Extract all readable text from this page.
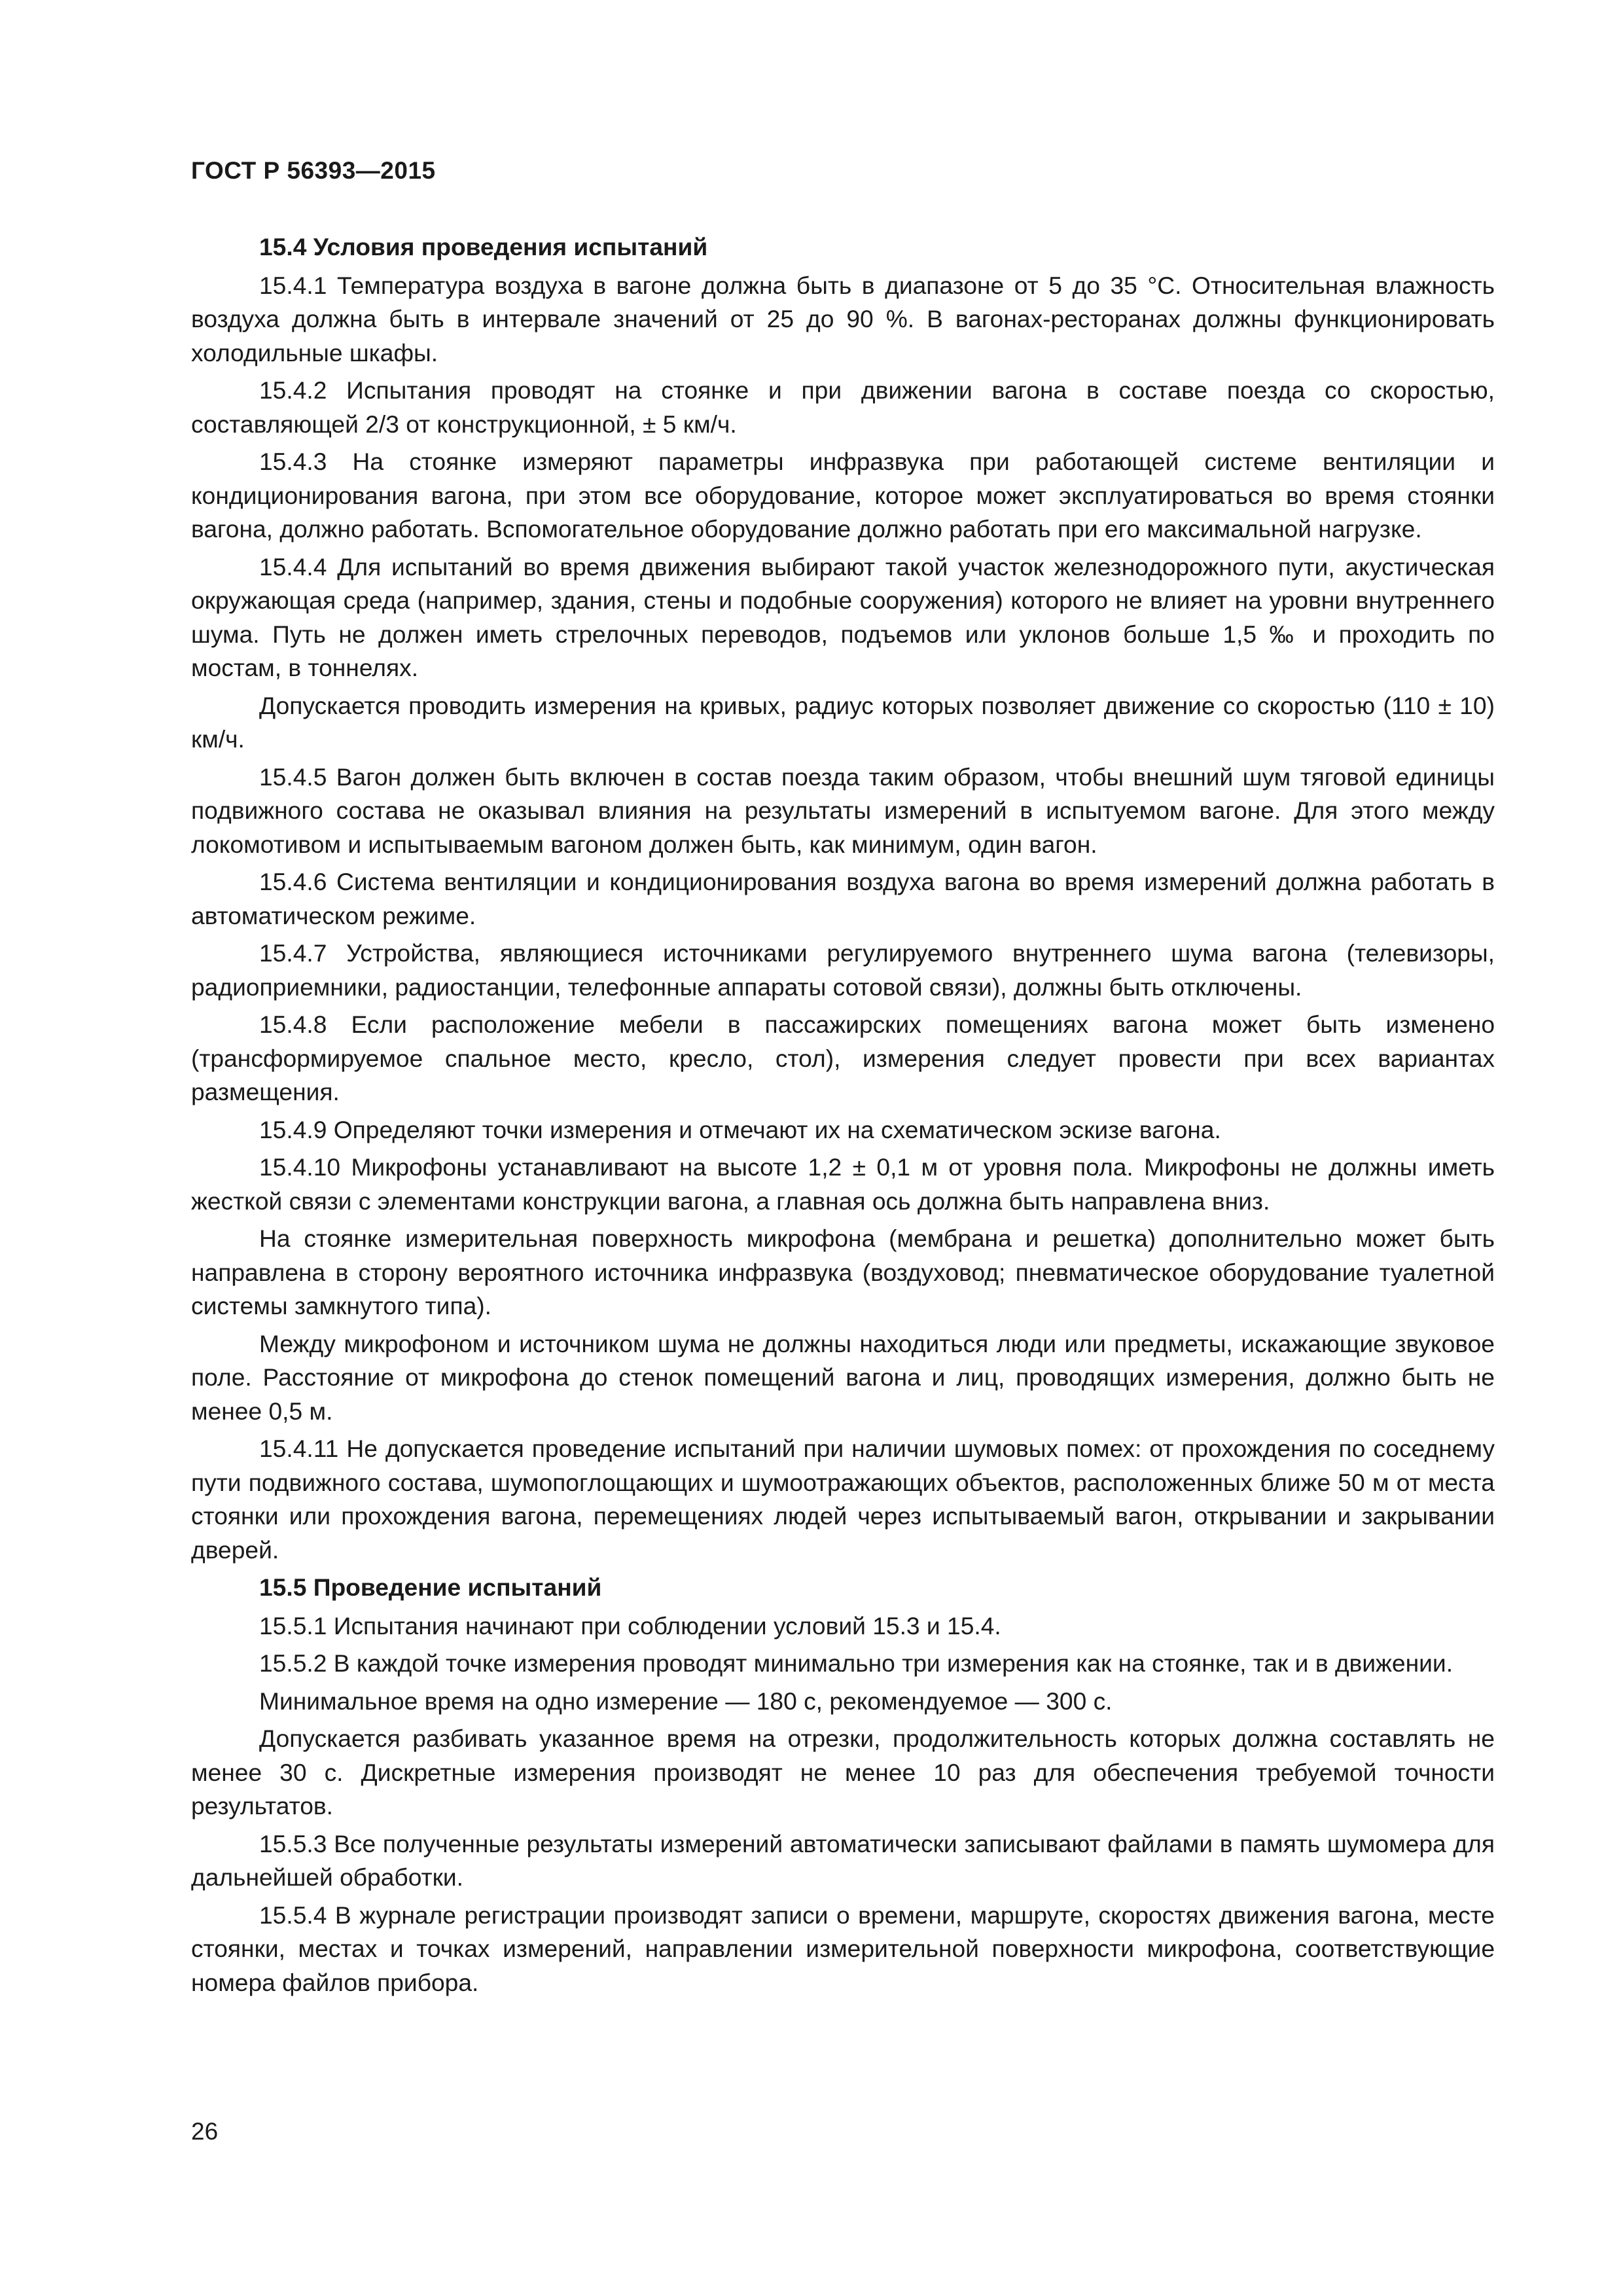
ГОСТ Р 56393—2015
15.4 Условия проведения испытаний

15.4.1 Температура воздуха в вагоне должна быть в диапазоне от 5 до 35 °С. Относительная влажность воздуха должна быть в интервале значений от 25 до 90 %. В вагонах-ресторанах должны функционировать холодильные шкафы.

15.4.2 Испытания проводят на стоянке и при движении вагона в составе поезда со скоростью, составляющей 2/3 от конструкционной, ± 5 км/ч.

15.4.3 На стоянке измеряют параметры инфразвука при работающей системе вентиляции и кондиционирования вагона, при этом все оборудование, которое может эксплуатироваться во время стоянки вагона, должно работать. Вспомогательное оборудование должно работать при его максимальной нагрузке.

15.4.4 Для испытаний во время движения выбирают такой участок железнодорожного пути, акустическая окружающая среда (например, здания, стены и подобные сооружения) которого не влияет на уровни внутреннего шума. Путь не должен иметь стрелочных переводов, подъемов или уклонов больше 1,5 ‰ и проходить по мостам, в тоннелях.

Допускается проводить измерения на кривых, радиус которых позволяет движение со скоростью (110 ± 10) км/ч.

15.4.5 Вагон должен быть включен в состав поезда таким образом, чтобы внешний шум тяговой единицы подвижного состава не оказывал влияния на результаты измерений в испытуемом вагоне. Для этого между локомотивом и испытываемым вагоном должен быть, как минимум, один вагон.

15.4.6 Система вентиляции и кондиционирования воздуха вагона во время измерений должна работать в автоматическом режиме.

15.4.7 Устройства, являющиеся источниками регулируемого внутреннего шума вагона (телевизоры, радиоприемники, радиостанции, телефонные аппараты сотовой связи), должны быть отключены.

15.4.8 Если расположение мебели в пассажирских помещениях вагона может быть изменено (трансформируемое спальное место, кресло, стол), измерения следует провести при всех вариантах размещения.

15.4.9 Определяют точки измерения и отмечают их на схематическом эскизе вагона.

15.4.10 Микрофоны устанавливают на высоте 1,2 ± 0,1 м от уровня пола. Микрофоны не должны иметь жесткой связи с элементами конструкции вагона, а главная ось должна быть направлена вниз.

На стоянке измерительная поверхность микрофона (мембрана и решетка) дополнительно может быть направлена в сторону вероятного источника инфразвука (воздуховод; пневматическое оборудование туалетной системы замкнутого типа).

Между микрофоном и источником шума не должны находиться люди или предметы, искажающие звуковое поле. Расстояние от микрофона до стенок помещений вагона и лиц, проводящих измерения, должно быть не менее 0,5 м.

15.4.11 Не допускается проведение испытаний при наличии шумовых помех: от прохождения по соседнему пути подвижного состава, шумопоглощающих и шумоотражающих объектов, расположенных ближе 50 м от места стоянки или прохождения вагона, перемещениях людей через испытываемый вагон, открывании и закрывании дверей.

15.5 Проведение испытаний

15.5.1 Испытания начинают при соблюдении условий 15.3 и 15.4.

15.5.2 В каждой точке измерения проводят минимально три измерения как на стоянке, так и в движении.

Минимальное время на одно измерение — 180 с, рекомендуемое — 300 с.

Допускается разбивать указанное время на отрезки, продолжительность которых должна составлять не менее 30 с. Дискретные измерения производят не менее 10 раз для обеспечения требуемой точности результатов.

15.5.3 Все полученные результаты измерений автоматически записывают файлами в память шумомера для дальнейшей обработки.

15.5.4 В журнале регистрации производят записи о времени, маршруте, скоростях движения вагона, месте стоянки, местах и точках измерений, направлении измерительной поверхности микрофона, соответствующие номера файлов прибора.

26
